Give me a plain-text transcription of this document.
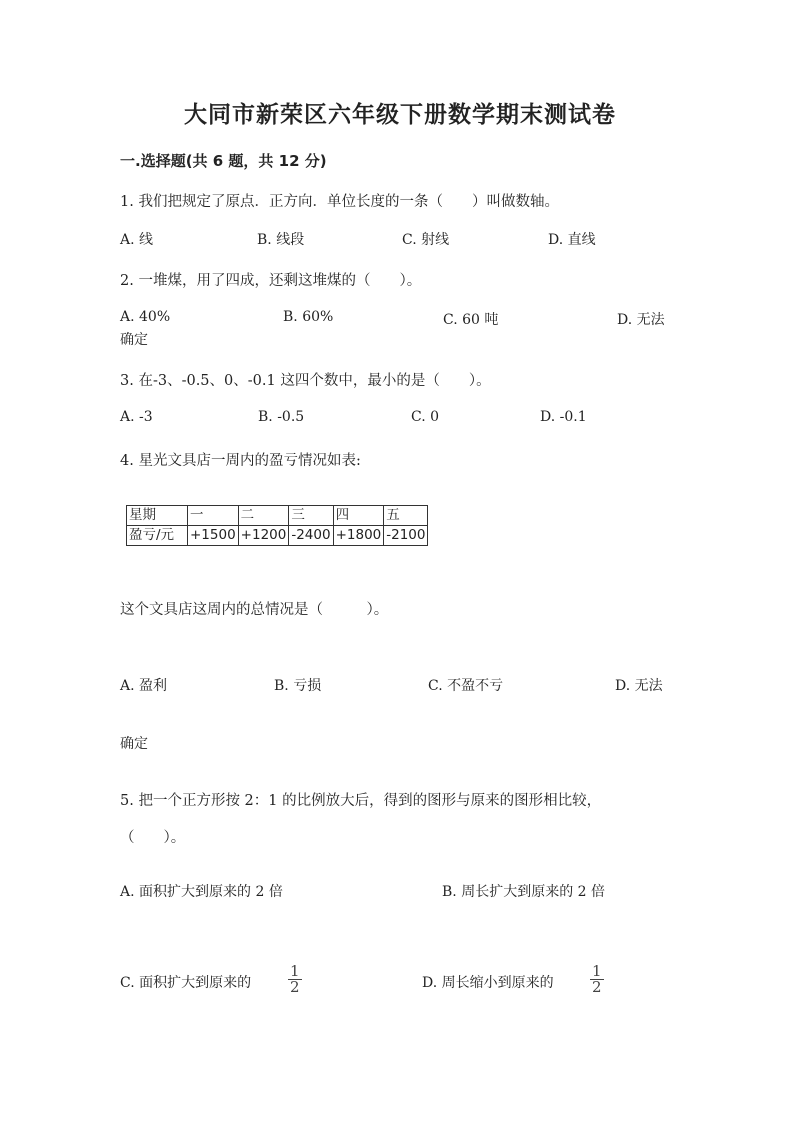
大同市新荣区六年级下册数学期末测试卷
一.选择题(共 6 题，共 12 分)
1. 我们把规定了原点．正方向．单位长度的一条（　　）叫做数轴。
A. 线	B. 线段	C. 射线	D. 直线
2. 一堆煤，用了四成，还剩这堆煤的（　　）。
A. 40%	B. 60%	C. 60 吨	D. 无法
确定
3. 在-3、-0.5、0、-0.1 这四个数中，最小的是（　　）。
A. -3	B. -0.5	C. 0	D. -0.1
4. 星光文具店一周内的盈亏情况如表:
星期	一	二	三	四	五
盈亏/元	+1500	+1200	-2400	+1800	-2100
这个文具店这周内的总情况是（　　　）。
A. 盈利	B. 亏损	C. 不盈不亏	D. 无法
确定
5. 把一个正方形按 2：1 的比例放大后，得到的图形与原来的图形相比较，
（　　）。
A. 面积扩大到原来的 2 倍	B. 周长扩大到原来的 2 倍
C. 面积扩大到原来的 $\frac{1}{2}$	D. 周长缩小到原来的 $\frac{1}{2}$
